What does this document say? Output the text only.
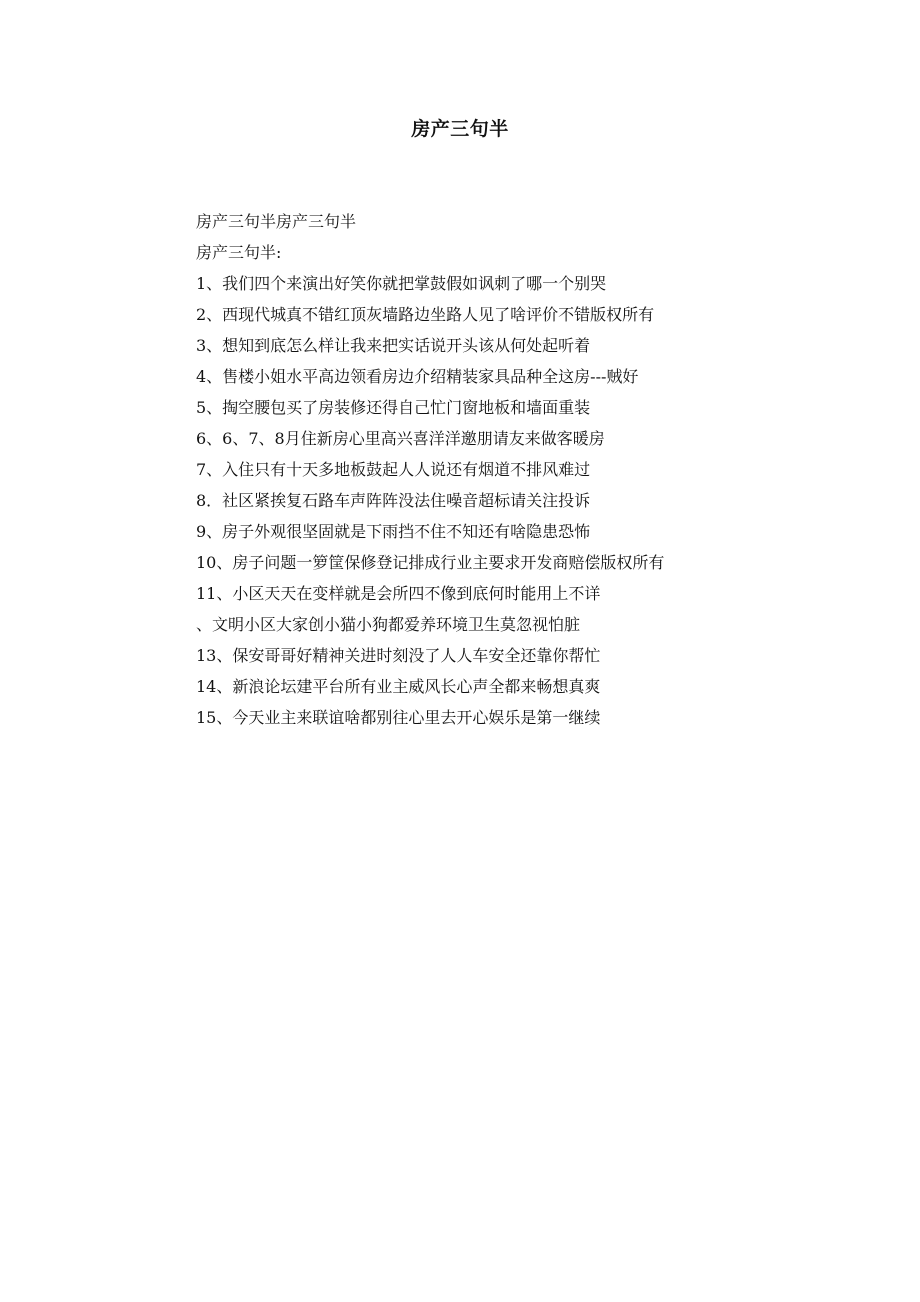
房产三句半
房产三句半房产三句半
房产三句半:
1、我们四个来演出好笑你就把掌鼓假如讽刺了哪一个别哭
2、西现代城真不错红顶灰墙路边坐路人见了啥评价不错版权所有
3、想知到底怎么样让我来把实话说开头该从何处起听着
4、售楼小姐水平高边领看房边介绍精装家具品种全这房---贼好
5、掏空腰包买了房装修还得自己忙门窗地板和墙面重装
6、6、7、8月住新房心里高兴喜洋洋邀朋请友来做客暖房
7、入住只有十天多地板鼓起人人说还有烟道不排风难过
8．社区紧挨复石路车声阵阵没法住噪音超标请关注投诉
9、房子外观很坚固就是下雨挡不住不知还有啥隐患恐怖
10、房子问题一箩筐保修登记排成行业主要求开发商赔偿版权所有
11、小区天天在变样就是会所四不像到底何时能用上不详
、文明小区大家创小猫小狗都爱养环境卫生莫忽视怕脏
13、保安哥哥好精神关进时刻没了人人车安全还靠你帮忙
14、新浪论坛建平台所有业主威风长心声全都来畅想真爽
15、今天业主来联谊啥都别往心里去开心娱乐是第一继续
